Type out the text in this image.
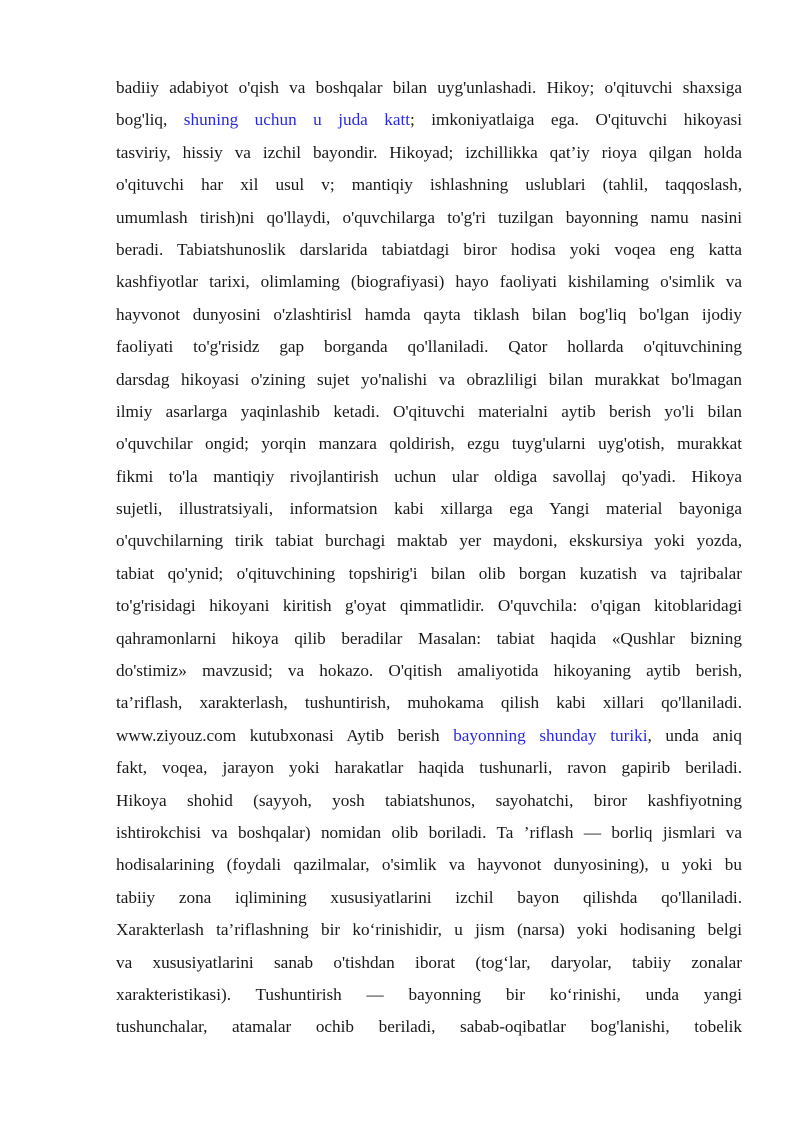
badiiy adabiyot o'qish va boshqalar bilan uyg'unlashadi. Hikoy; o'qituvchi shaxsiga
bog'liq, shuning uchun u juda katt; imkoniyatlaiga ega. O'qituvchi hikoyasi
tasviriy, hissiy va izchil bayondir. Hikoyad; izchillikka qat’iy rioya qilgan holda
o'qituvchi har xil usul v; mantiqiy ishlashning uslublari (tahlil, taqqoslash,
umumlash tirish)ni qo'llaydi, o'quvchilarga to'g'ri tuzilgan bayonning namu nasini
beradi. Tabiatshunoslik darslarida tabiatdagi biror hodisa yoki voqea eng katta
kashfiyotlar tarixi, olimlaming (biografiyasi) hayo faoliyati kishilaming o'simlik va
hayvonot dunyosini o'zlashtirisl hamda qayta tiklash bilan bog'liq bo'lgan ijodiy
faoliyati to'g'risidz gap borganda qo'llaniladi. Qator hollarda o'qituvchining
darsdag hikoyasi o'zining sujet yo'nalishi va obrazliligi bilan murakkat bo'lmagan
ilmiy asarlarga yaqinlashib ketadi. O'qituvchi materialni aytib berish yo'li bilan
o'quvchilar ongid; yorqin manzara qoldirish, ezgu tuyg'ularni uyg'otish, murakkat
fikmi to'la mantiqiy rivojlantirish uchun ular oldiga savollaj qo'yadi. Hikoya
sujetli, illustratsiyali, informatsion kabi xillarga ega Yangi material bayoniga
o'quvchilarning tirik tabiat burchagi maktab yer maydoni, ekskursiya yoki yozda,
tabiat qo'ynid; o'qituvchining topshirig'i bilan olib borgan kuzatish va tajribalar
to'g'risidagi hikoyani kiritish g'oyat qimmatlidir. O'quvchila: o'qigan kitoblaridagi
qahramonlarni hikoya qilib beradilar Masalan: tabiat haqida «Qushlar bizning
do'stimiz» mavzusid; va hokazo. O'qitish amaliyotida hikoyaning aytib berish,
ta’riflash, xarakterlash, tushuntirish, muhokama qilish kabi xillari qo'llaniladi.
www.ziyouz.com kutubxonasi Aytib berish bayonning shunday turiki, unda aniq
fakt, voqea, jarayon yoki harakatlar haqida tushunarli, ravon gapirib beriladi.
Hikoya shohid (sayyoh, yosh tabiatshunos, sayohatchi, biror kashfiyotning
ishtirokchisi va boshqalar) nomidan olib boriladi. Ta ’riflash — borliq jismlari va
hodisalarining (foydali qazilmalar, o'simlik va hayvonot dunyosining), u yoki bu
tabiiy zona iqlimining xususiyatlarini izchil bayon qilishda qo'llaniladi.
Xarakterlash ta’riflashning bir ko‘rinishidir, u jism (narsa) yoki hodisaning belgi
va xususiyatlarini sanab o'tishdan iborat (tog‘lar, daryolar, tabiiy zonalar
xarakteristikasi). Tushuntirish — bayonning bir ko‘rinishi, unda yangi
tushunchalar, atamalar ochib beriladi, sabab-oqibatlar bog'lanishi, tobelik
